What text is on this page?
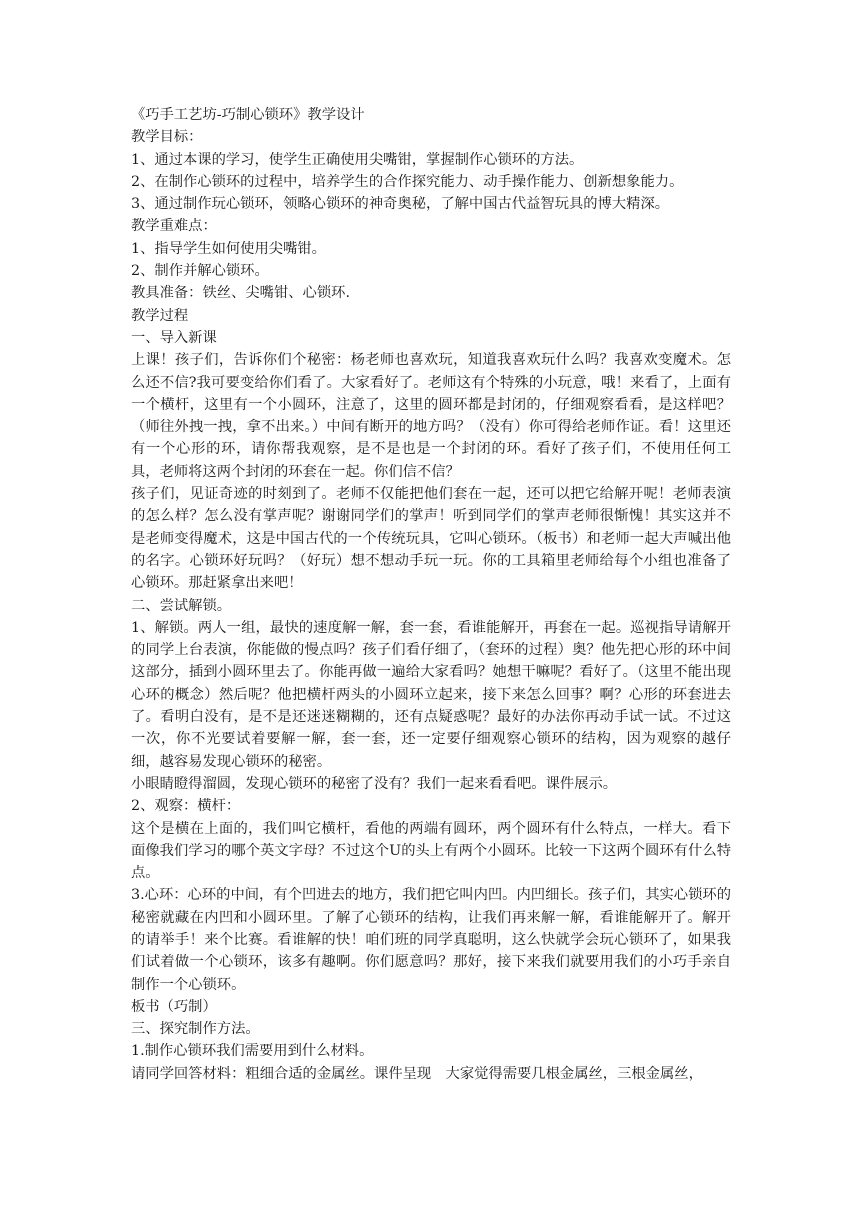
《巧手工艺坊-巧制心锁环》教学设计
教学目标：
1、通过本课的学习，使学生正确使用尖嘴钳，掌握制作心锁环的方法。
2、在制作心锁环的过程中，培养学生的合作探究能力、动手操作能力、创新想象能力。
3、通过制作玩心锁环，领略心锁环的神奇奥秘，了解中国古代益智玩具的博大精深。
教学重难点：
1、指导学生如何使用尖嘴钳。
2、制作并解心锁环。
教具准备：铁丝、尖嘴钳、心锁环.
教学过程
一、导入新课
上课！孩子们，告诉你们个秘密：杨老师也喜欢玩，知道我喜欢玩什么吗？我喜欢变魔术。怎么还不信?我可要变给你们看了。大家看好了。老师这有个特殊的小玩意，哦！来看了，上面有一个横杆，这里有一个小圆环，注意了，这里的圆环都是封闭的，仔细观察看看，是这样吧？（师往外拽一拽，拿不出来。）中间有断开的地方吗？（没有）你可得给老师作证。看！这里还有一个心形的环，请你帮我观察，是不是也是一个封闭的环。看好了孩子们，不使用任何工具，老师将这两个封闭的环套在一起。你们信不信？
孩子们，见证奇迹的时刻到了。老师不仅能把他们套在一起，还可以把它给解开呢！老师表演的怎么样？怎么没有掌声呢？谢谢同学们的掌声！听到同学们的掌声老师很惭愧！其实这并不是老师变得魔术，这是中国古代的一个传统玩具，它叫心锁环。（板书）和老师一起大声喊出他的名字。心锁环好玩吗？（好玩）想不想动手玩一玩。你的工具箱里老师给每个小组也准备了心锁环。那赶紧拿出来吧！
二、尝试解锁。
1、解锁。两人一组，最快的速度解一解，套一套，看谁能解开，再套在一起。巡视指导请解开的同学上台表演，你能做的慢点吗？孩子们看仔细了，（套环的过程）奥？他先把心形的环中间这部分，插到小圆环里去了。你能再做一遍给大家看吗？她想干嘛呢？看好了。（这里不能出现心环的概念）然后呢？他把横杆两头的小圆环立起来，接下来怎么回事？啊？心形的环套进去了。看明白没有，是不是还迷迷糊糊的，还有点疑惑呢？最好的办法你再动手试一试。不过这一次，你不光要试着要解一解，套一套，还一定要仔细观察心锁环的结构，因为观察的越仔细，越容易发现心锁环的秘密。
小眼睛瞪得溜圆，发现心锁环的秘密了没有？我们一起来看看吧。课件展示。
2、观察：横杆：
这个是横在上面的，我们叫它横杆，看他的两端有圆环，两个圆环有什么特点，一样大。看下面像我们学习的哪个英文字母？不过这个U的头上有两个小圆环。比较一下这两个圆环有什么特点。
3.心环：心环的中间，有个凹进去的地方，我们把它叫内凹。内凹细长。孩子们，其实心锁环的秘密就藏在内凹和小圆环里。了解了心锁环的结构，让我们再来解一解，看谁能解开了。解开的请举手！来个比赛。看谁解的快！咱们班的同学真聪明，这么快就学会玩心锁环了，如果我们试着做一个心锁环，该多有趣啊。你们愿意吗？那好，接下来我们就要用我们的小巧手亲自制作一个心锁环。
板书（巧制）
三、探究制作方法。
1.制作心锁环我们需要用到什么材料。
请同学回答材料：粗细合适的金属丝。课件呈现　大家觉得需要几根金属丝，三根金属丝，
